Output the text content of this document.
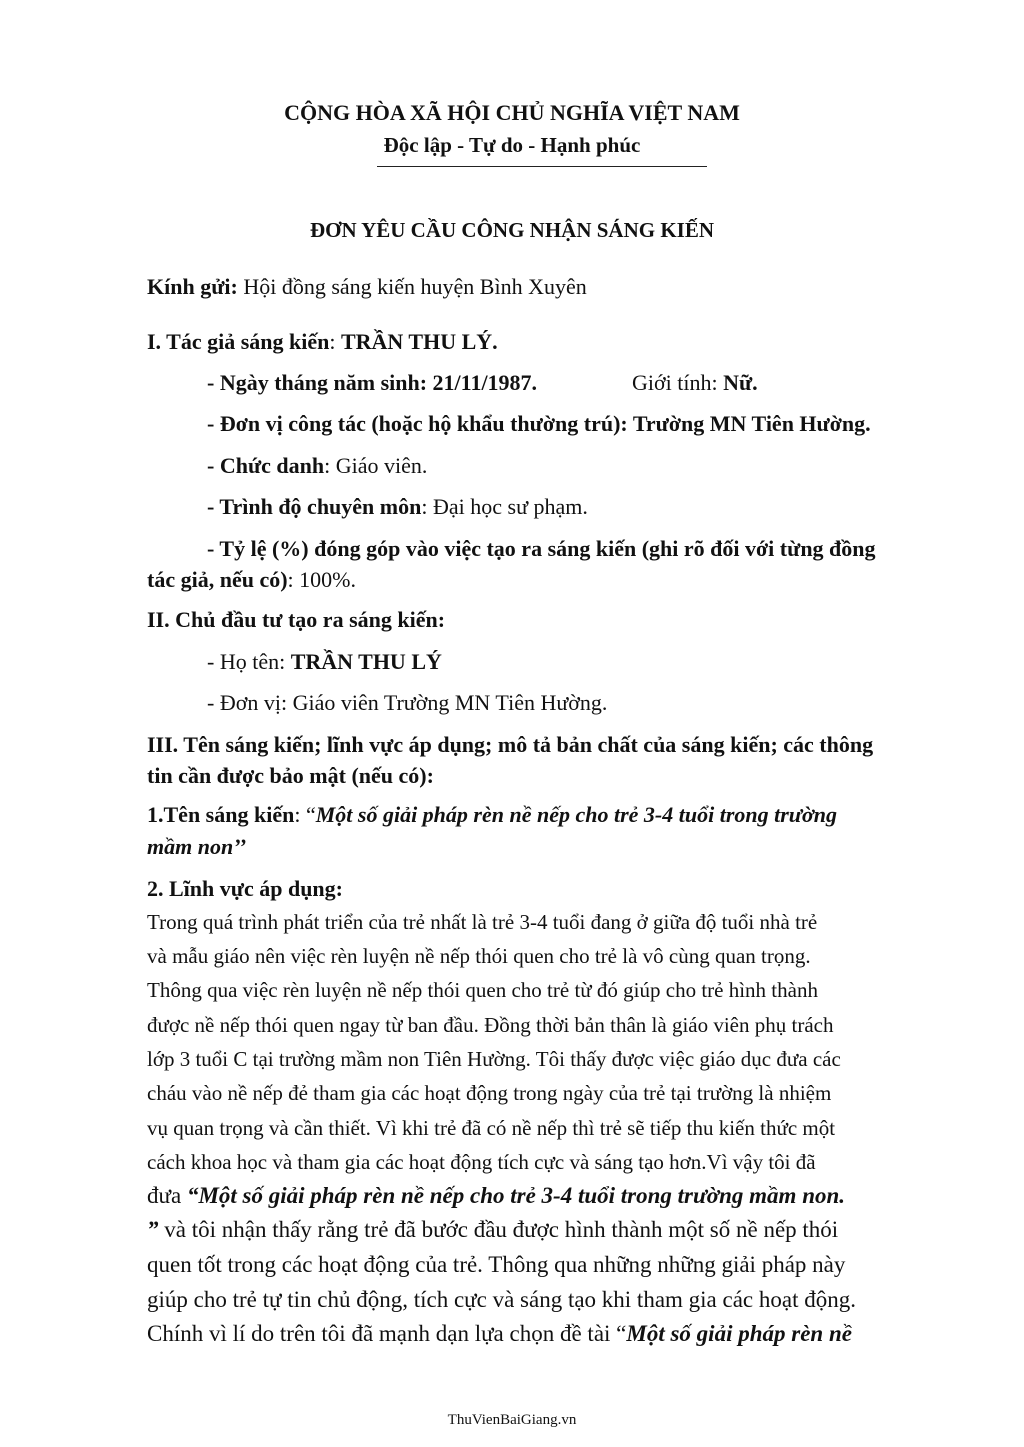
CỘNG HÒA XÃ HỘI CHỦ NGHĨA VIỆT NAM
Độc lập - Tự do - Hạnh phúc
ĐƠN YÊU CẦU CÔNG NHẬN SÁNG KIẾN
Kính gửi: Hội đồng sáng kiến huyện Bình Xuyên
I. Tác giả sáng kiến: TRẦN THU LÝ.
- Ngày tháng năm sinh: 21/11/1987.	Giới tính: Nữ.
- Đơn vị công tác (hoặc hộ khẩu thường trú): Trường MN Tiên Hường.
- Chức danh: Giáo viên.
- Trình độ chuyên môn: Đại học sư phạm.
- Tỷ lệ (%) đóng góp vào việc tạo ra sáng kiến (ghi rõ đối với từng đồng
tác giả, nếu có): 100%.
II. Chủ đầu tư tạo ra sáng kiến:
- Họ tên: TRẦN THU LÝ
- Đơn vị: Giáo viên Trường MN Tiên Hường.
III. Tên sáng kiến; lĩnh vực áp dụng; mô tả bản chất của sáng kiến; các thông
tin cần được bảo mật (nếu có):
1.Tên sáng kiến: “Một số giải pháp rèn nề nếp cho trẻ 3-4 tuổi trong trường
mầm non’’
2. Lĩnh vực áp dụng:
Trong quá trình phát triển của trẻ nhất là trẻ 3-4 tuổi đang ở giữa độ tuổi nhà trẻ
và mẫu giáo nên việc rèn luyện nề nếp thói quen cho trẻ là vô cùng quan trọng.
Thông qua việc rèn luyện nề nếp thói quen cho trẻ từ đó giúp cho trẻ hình thành
được nề nếp thói quen ngay từ ban đầu. Đồng thời bản thân là giáo viên phụ trách
lớp 3 tuổi C tại trường mầm non Tiên Hường. Tôi thấy được việc giáo dục đưa các
cháu vào nề nếp đẻ tham gia các hoạt động trong ngày của trẻ tại trường là nhiệm
vụ quan trọng và cần thiết. Vì khi trẻ đã có nề nếp thì trẻ sẽ tiếp thu kiến thức một
cách khoa học và tham gia các hoạt động tích cực và sáng tạo hơn.Vì vậy tôi đã
đưa “Một số giải pháp rèn nề nếp cho trẻ 3-4 tuổi trong trường mầm non.
” và tôi nhận thấy rằng trẻ đã bước đầu được hình thành một số nề nếp thói
quen tốt trong các hoạt động của trẻ. Thông qua những những giải pháp này
giúp cho trẻ tự tin chủ động, tích cực và sáng tạo khi tham gia các hoạt động.
Chính vì lí do trên tôi đã mạnh dạn lựa chọn đề tài “Một số giải pháp rèn nề
ThuVienBaiGiang.vn
